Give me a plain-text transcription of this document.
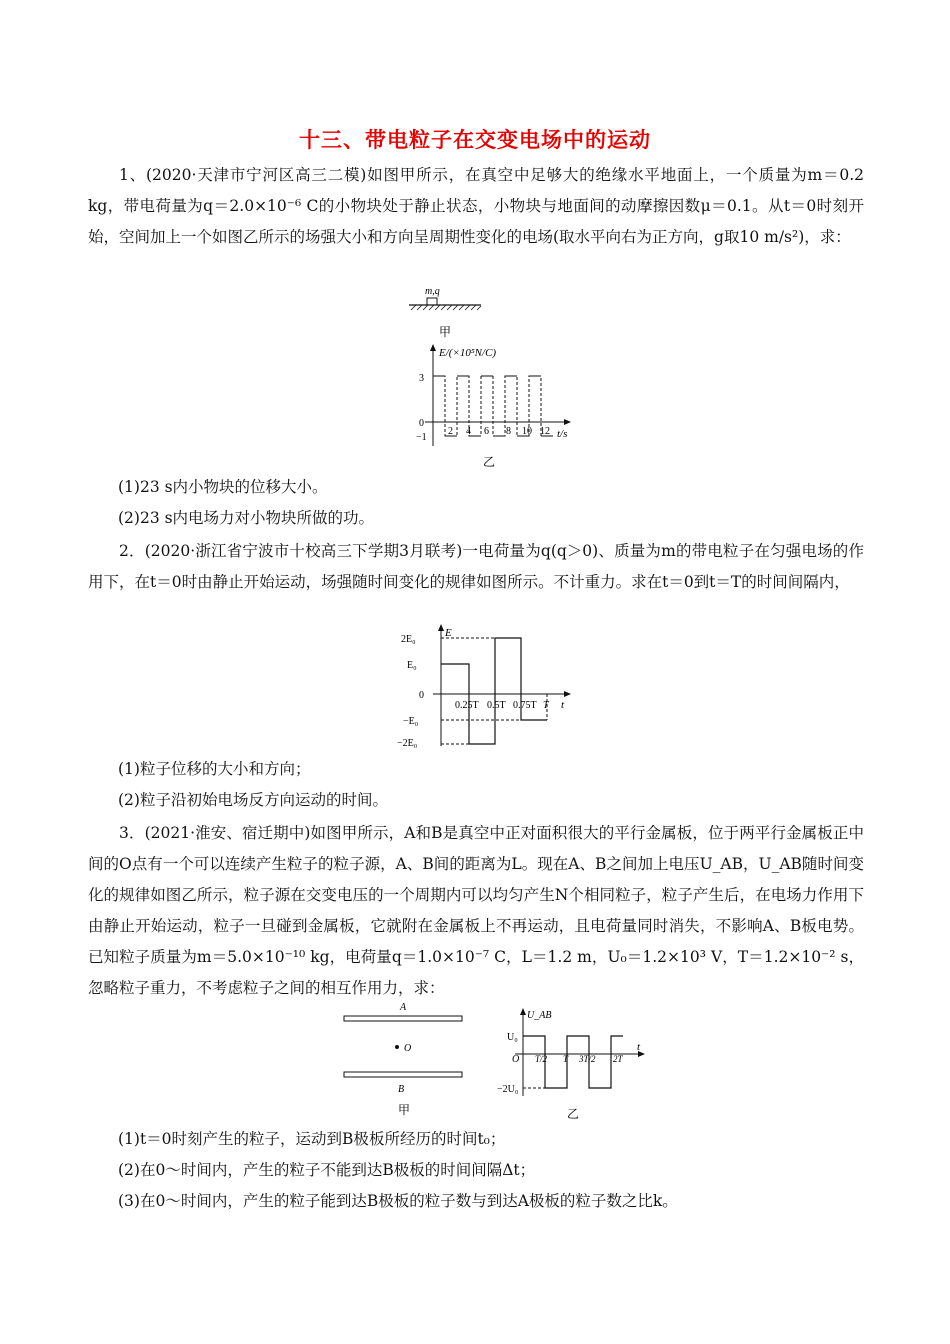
十三、带电粒子在交变电场中的运动
1、(2020·天津市宁河区高三二模)如图甲所示，在真空中足够大的绝缘水平地面上，一个质量为m＝0.2 kg，带电荷量为q＝2.0×10⁻⁶ C的小物块处于静止状态，小物块与地面间的动摩擦因数μ＝0.1。从t＝0时刻开始，空间加上一个如图乙所示的场强大小和方向呈周期性变化的电场(取水平向右为正方向，g取10 m/s²)，求：
m,q
甲
E/(×10⁵N/C)
t/s
3
0
−1
2 4 6 8 10 12
乙
(1)23 s内小物块的位移大小。
(2)23 s内电场力对小物块所做的功。
2．(2020·浙江省宁波市十校高三下学期3月联考)一电荷量为q(q＞0)、质量为m的带电粒子在匀强电场的作用下，在t＝0时由静止开始运动，场强随时间变化的规律如图所示。不计重力。求在t＝0到t＝T的时间间隔内，
E
t
2E₀
E₀
0
−E₀
−2E₀
0.25T 0.5T 0.75T T
(1)粒子位移的大小和方向；
(2)粒子沿初始电场反方向运动的时间。
3．(2021·淮安、宿迁期中)如图甲所示，A和B是真空中正对面积很大的平行金属板，位于两平行金属板正中间的O点有一个可以连续产生粒子的粒子源，A、B间的距离为L。现在A、B之间加上电压U_AB，U_AB随时间变化的规律如图乙所示，粒子源在交变电压的一个周期内可以均匀产生N个相同粒子，粒子产生后，在电场力作用下由静止开始运动，粒子一旦碰到金属板，它就附在金属板上不再运动，且电荷量同时消失，不影响A、B板电势。已知粒子质量为m＝5.0×10⁻¹⁰ kg，电荷量q＝1.0×10⁻⁷ C，L＝1.2 m，U₀＝1.2×10³ V，T＝1.2×10⁻² s，忽略粒子重力，不考虑粒子之间的相互作用力，求：
A
O
B
甲
U_AB
t
U₀
−2U₀
O T/2 T 3T/2 2T
乙
(1)t＝0时刻产生的粒子，运动到B极板所经历的时间t₀；
(2)在0～时间内，产生的粒子不能到达B极板的时间间隔Δt；
(3)在0～时间内，产生的粒子能到达B极板的粒子数与到达A极板的粒子数之比k。
